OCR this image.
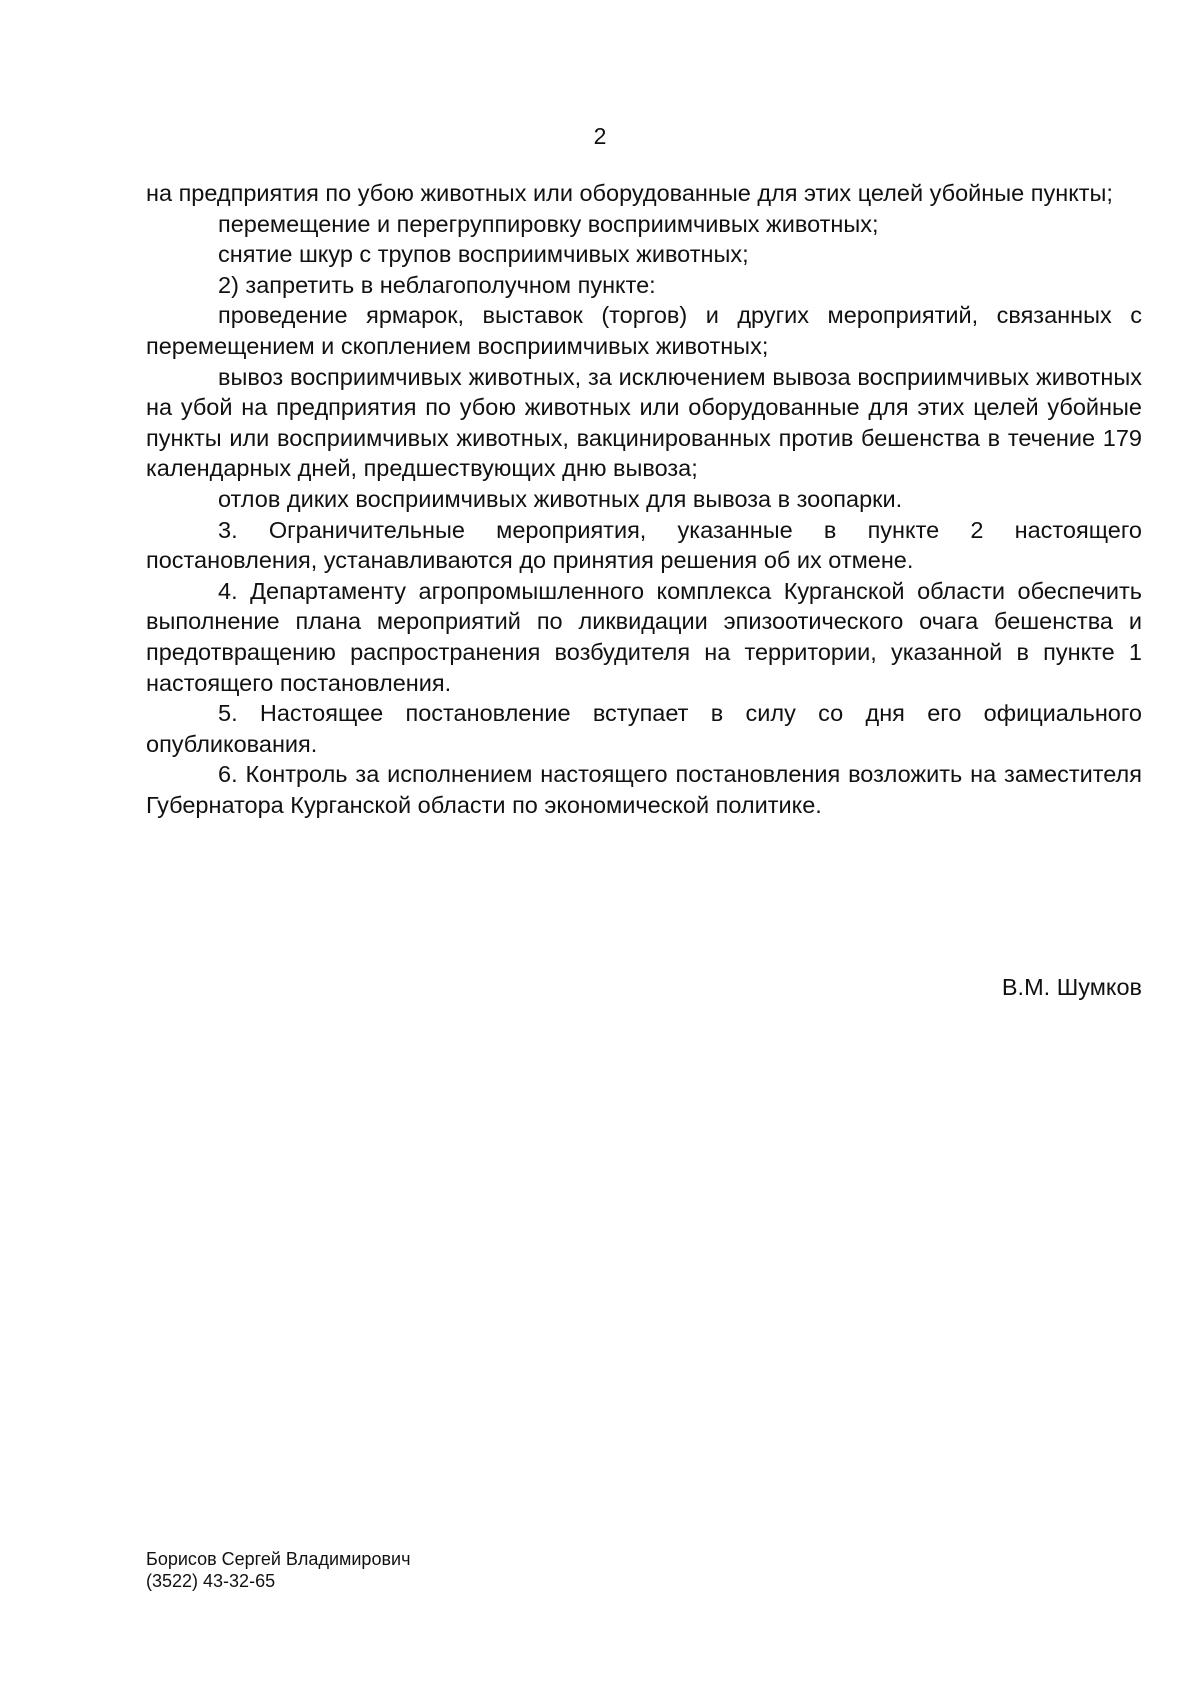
2

на предприятия по убою животных или оборудованные для этих целей убойные пункты;

перемещение и перегруппировку восприимчивых животных;

снятие шкур с трупов восприимчивых животных;

2) запретить в неблагополучном пункте:

проведение ярмарок, выставок (торгов) и других мероприятий, связанных с перемещением и скоплением восприимчивых животных;

вывоз восприимчивых животных, за исключением вывоза восприимчивых животных на убой на предприятия по убою животных или оборудованные для этих целей убойные пункты или восприимчивых животных, вакцинированных против бешенства в течение 179 календарных дней, предшествующих дню вывоза;

отлов диких восприимчивых животных для вывоза в зоопарки.

3. Ограничительные мероприятия, указанные в пункте 2 настоящего постановления, устанавливаются до принятия решения об их отмене.

4. Департаменту агропромышленного комплекса Курганской области обеспечить выполнение плана мероприятий по ликвидации эпизоотического очага бешенства и предотвращению распространения возбудителя на территории, указанной в пункте 1 настоящего постановления.

5. Настоящее постановление вступает в силу со дня его официального опубликования.

6. Контроль за исполнением настоящего постановления возложить на заместителя Губернатора Курганской области по экономической политике.

В.М. Шумков
Борисов Сергей Владимирович
(3522) 43-32-65
